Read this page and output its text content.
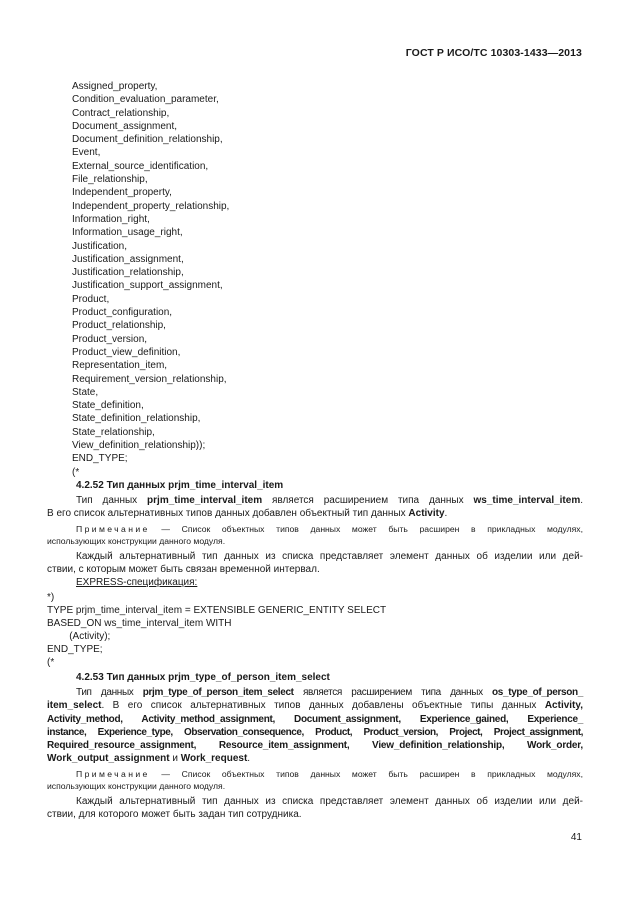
ГОСТ Р ИСО/ТС 10303-1433—2013
Assigned_property,
Condition_evaluation_parameter,
Contract_relationship,
Document_assignment,
Document_definition_relationship,
Event,
External_source_identification,
File_relationship,
Independent_property,
Independent_property_relationship,
Information_right,
Information_usage_right,
Justification,
Justification_assignment,
Justification_relationship,
Justification_support_assignment,
Product,
Product_configuration,
Product_relationship,
Product_version,
Product_view_definition,
Representation_item,
Requirement_version_relationship,
State,
State_definition,
State_definition_relationship,
State_relationship,
View_definition_relationship));
END_TYPE;
(*
4.2.52 Тип данных prjm_time_interval_item

Тип данных prjm_time_interval_item является расширением типа данных ws_time_interval_item.

В его список альтернативных типов данных добавлен объектный тип данных Activity.

Примечание — Список объектных типов данных может быть расширен в прикладных модулях,

использующих конструкции данного модуля.

Каждый альтернативный тип данных из списка представляет элемент данных об изделии или дей-

ствии, с которым может быть связан временной интервал.

EXPRESS-спецификация:
*)
TYPE prjm_time_interval_item = EXTENSIBLE GENERIC_ENTITY SELECT
BASED_ON ws_time_interval_item WITH
(Activity);
END_TYPE;
(*
4.2.53 Тип данных prjm_type_of_person_item_select

Тип данных prjm_type_of_person_item_select является расширением типа данных os_type_of_person_

item_select. В его список альтернативных типов данных добавлены объектные типы данных Activity,

Activity_method, Activity_method_assignment, Document_assignment, Experience_gained, Experience_

instance, Experience_type, Observation_consequence, Product, Product_version, Project, Project_assignment,

Required_resource_assignment, Resource_item_assignment, View_definition_relationship, Work_order,

Work_output_assignment и Work_request.

Примечание — Список объектных типов данных может быть расширен в прикладных модулях,

использующих конструкции данного модуля.

Каждый альтернативный тип данных из списка представляет элемент данных об изделии или дей-

ствии, для которого может быть задан тип сотрудника.

41
